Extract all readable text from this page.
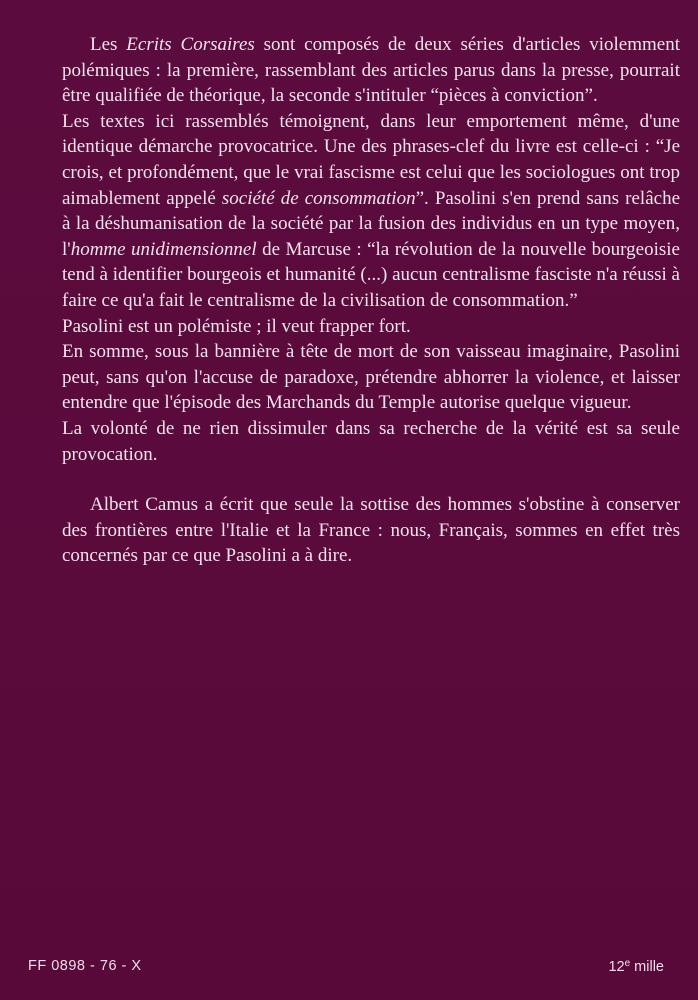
Les Ecrits Corsaires sont composés de deux séries d'articles violemment polémiques : la première, rassemblant des articles parus dans la presse, pourrait être qualifiée de théorique, la seconde s'intituler “pièces à conviction”.

Les textes ici rassemblés témoignent, dans leur emportement même, d'une identique démarche provocatrice. Une des phrases-clef du livre est celle-ci : “Je crois, et profondément, que le vrai fascisme est celui que les sociologues ont trop aimablement appelé société de consommation”. Pasolini s'en prend sans relâche à la déshumanisation de la société par la fusion des individus en un type moyen, l'homme unidimensionnel de Marcuse : “la révolution de la nouvelle bourgeoisie tend à identifier bourgeois et humanité (...) aucun centralisme fasciste n'a réussi à faire ce qu'a fait le centralisme de la civilisation de consommation.”

Pasolini est un polémiste ; il veut frapper fort.

En somme, sous la bannière à tête de mort de son vaisseau imaginaire, Pasolini peut, sans qu'on l'accuse de paradoxe, prétendre abhorrer la violence, et laisser entendre que l'épisode des Marchands du Temple autorise quelque vigueur.

La volonté de ne rien dissimuler dans sa recherche de la vérité est sa seule provocation.

Albert Camus a écrit que seule la sottise des hommes s'obstine à conserver des frontières entre l'Italie et la France : nous, Français, sommes en effet très concernés par ce que Pasolini a à dire.

FF 0898 - 76 - X	12e mille
